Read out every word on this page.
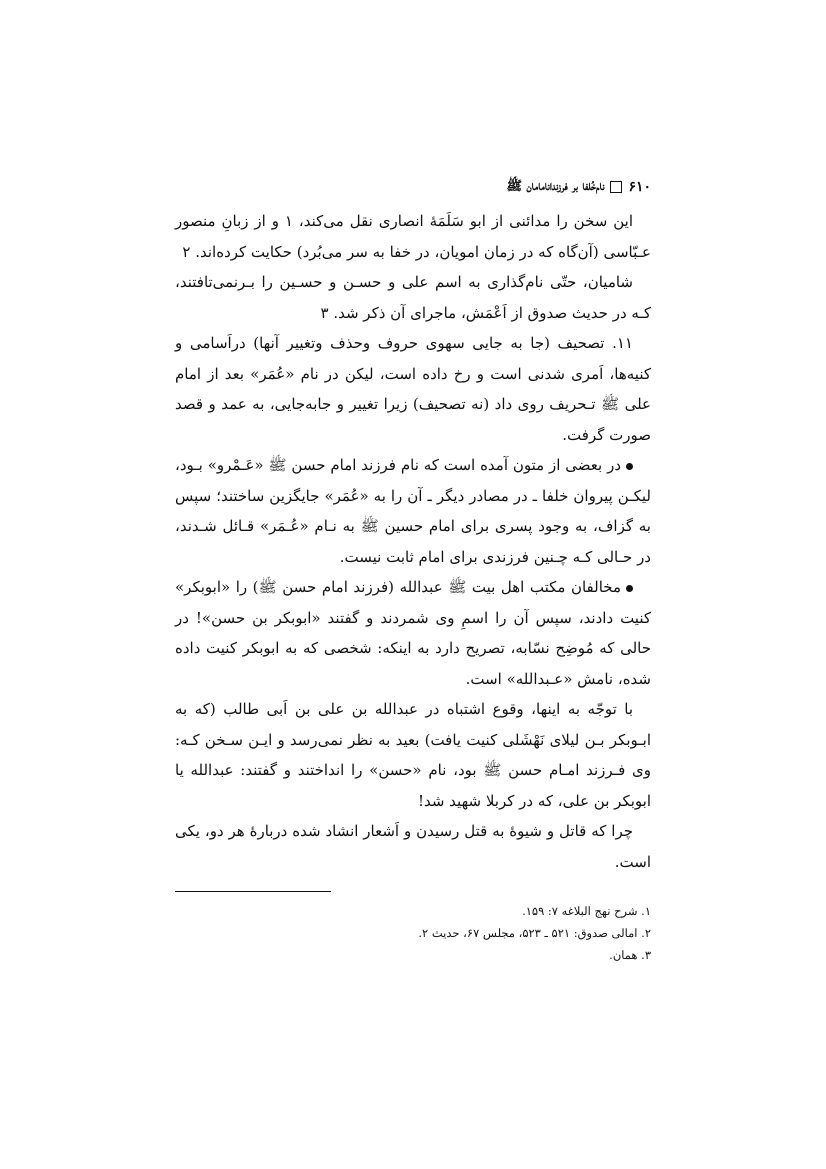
۶۱۰
نام‌خُلفا بر فرزندانامامان ﷺ

این سخن را مدائنی از ابو سَلَمَهٔ انصاری نقل می‌کند، ۱ و از زبانِ منصور عـبّاسی (آن‌گاه که در زمان امویان، در خفا به سر می‌بُرد) حکایت کرده‌اند. ۲

شامیان، حتّی نام‌گذاری به اسم علی و حسـن و حسـین را بـرنمی‌تافتند، کـه در حدیث صدوق از اَعْمَش، ماجرای آن ذکر شد. ۳

۱۱. تصحیف (جا به جایی سهوی حروف وحذف وتغییر آنها) دراَسامی و کنیه‌ها، اَمری شدنی است و رخ داده است، لیکن در نام «عُمَر» بعد از امام علی ﷺ تـحریف روی داد (نه تصحیف) زیرا تغییر و جابه‌جایی، به عمد و قصد صورت گرفت.

در بعضی از متون آمده است که نام فرزند امام حسن ﷺ «عَـمْرو» بـود، لیکـن پیروان خلفا ـ در مصادر دیگر ـ آن را به «عُمَر» جایگزین ساختند؛ سپس به گزاف، به وجود پسری برای امام حسین ﷺ به نـام «عُـمَر» قـائل شـدند، در حـالی کـه چـنین فرزندی برای امام ثابت نیست.

مخالفان مکتب اهل بیت ﷺ عبدالله (فرزند امام حسن ﷺ) را «ابوبکر» کنیت دادند، سپس آن را اسمِ وی شمردند و گفتند «ابوبکر بن حسن»! در حالی که مُوضِح نسّابه، تصریح دارد به اینکه: شخصی که به ابوبکر کنیت داده شده، نامش «عـبدالله» است.

با توجّه به اینها، وقوع اشتباه در عبدالله بن علی بن اَبی طالب (که به ابـوبکر بـن لیلای نَهْشَلی کنیت یافت) بعید به نظر نمی‌رسد و ایـن سـخن کـه: وی فـرزند امـام حسن ﷺ بود، نام «حسن» را انداختند و گفتند: عبدالله یا ابوبکر بن علی، که در کربلا شهید شد!

چرا که قاتل و شیوهٔ به قتل رسیدن و اَشعار انشاد شده دربارهٔ هر دو، یکی است.

۱. شرح نهج البلاغه ۷: ۱۵۹.
۲. امالی صدوق: ۵۲۱ ـ ۵۲۳، مجلس ۶۷، حدیث ۲.
۳. همان.
